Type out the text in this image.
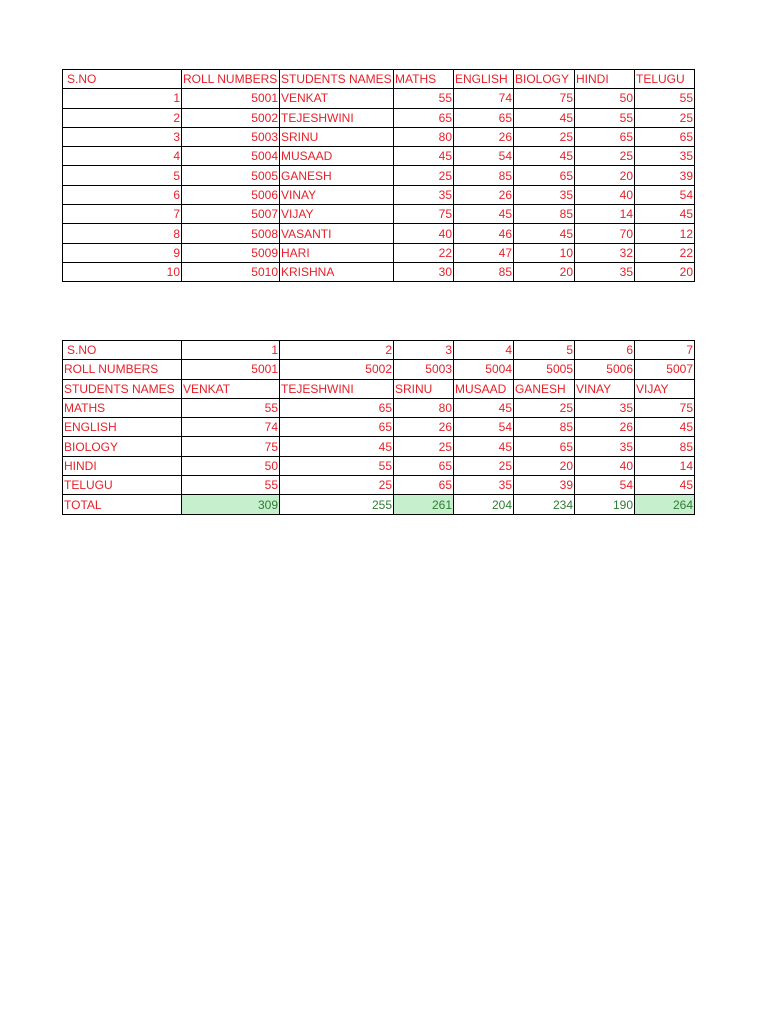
S.NO	ROLL NUMBERS	STUDENTS NAMES	MATHS	ENGLISH	BIOLOGY	HINDI	TELUGU
1	5001	VENKAT	55	74	75	50	55
2	5002	TEJESHWINI	65	65	45	55	25
3	5003	SRINU	80	26	25	65	65
4	5004	MUSAAD	45	54	45	25	35
5	5005	GANESH	25	85	65	20	39
6	5006	VINAY	35	26	35	40	54
7	5007	VIJAY	75	45	85	14	45
8	5008	VASANTI	40	46	45	70	12
9	5009	HARI	22	47	10	32	22
10	5010	KRISHNA	30	85	20	35	20
S.NO	1	2	3	4	5	6	7
ROLL NUMBERS	5001	5002	5003	5004	5005	5006	5007
STUDENTS NAMES	VENKAT	TEJESHWINI	SRINU	MUSAAD	GANESH	VINAY	VIJAY
MATHS	55	65	80	45	25	35	75
ENGLISH	74	65	26	54	85	26	45
BIOLOGY	75	45	25	45	65	35	85
HINDI	50	55	65	25	20	40	14
TELUGU	55	25	65	35	39	54	45
TOTAL	309	255	261	204	234	190	264
